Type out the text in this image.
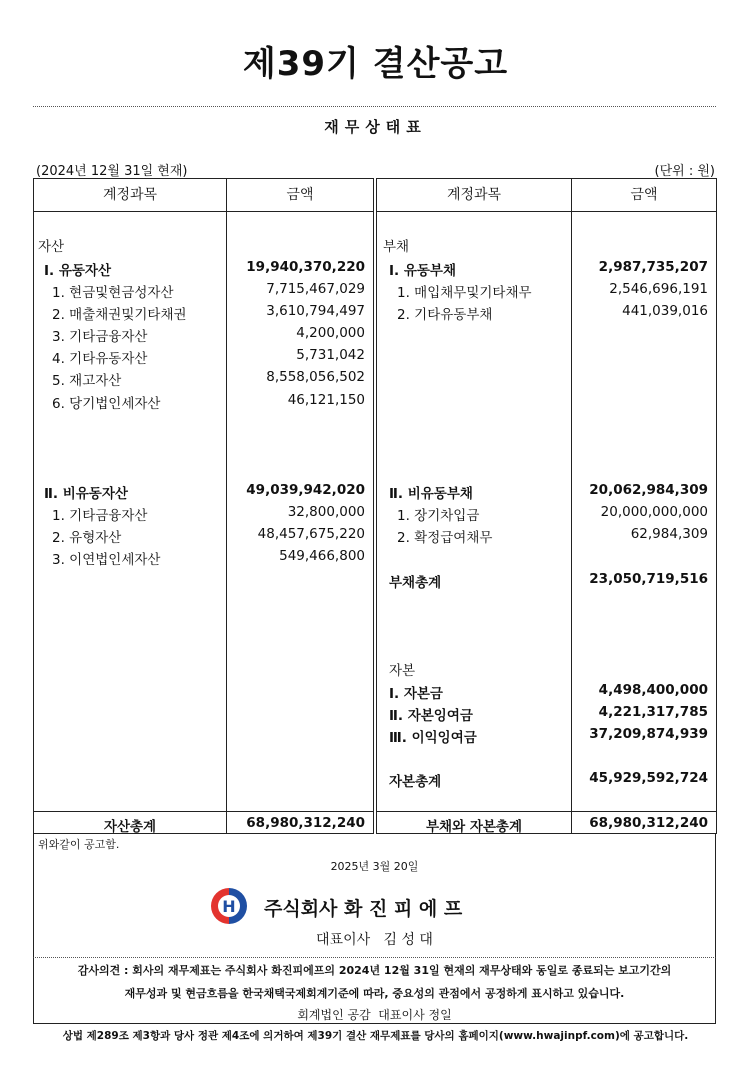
제39기 결산공고
재무상태표
(2024년 12월 31일 현재)	(단위 : 원)
계정과목	금액
자산
Ⅰ. 유동자산	19,940,370,220
1. 현금및현금성자산	7,715,467,029
2. 매출채권및기타채권	3,610,794,497
3. 기타금융자산	4,200,000
4. 기타유동자산	5,731,042
5. 재고자산	8,558,056,502
6. 당기법인세자산	46,121,150
Ⅱ. 비유동자산	49,039,942,020
1. 기타금융자산	32,800,000
2. 유형자산	48,457,675,220
3. 이연법인세자산	549,466,800
자산총계	68,980,312,240
계정과목	금액
부채
Ⅰ. 유동부채	2,987,735,207
1. 매입채무및기타채무	2,546,696,191
2. 기타유동부채	441,039,016
Ⅱ. 비유동부채	20,062,984,309
1. 장기차입금	20,000,000,000
2. 확정급여채무	62,984,309
부채총계	23,050,719,516
자본
Ⅰ. 자본금	4,498,400,000
Ⅱ. 자본잉여금	4,221,317,785
Ⅲ. 이익잉여금	37,209,874,939
자본총계	45,929,592,724
부채와 자본총계	68,980,312,240
위와같이 공고함.
2025년 3월 20일
H 주식회사 화 진 피 에 프
대표이사   김 성 대
감사의견 : 회사의 재무제표는 주식회사 화진피에프의 2024년 12월 31일 현재의 재무상태와 동일로 종료되는 보고기간의
재무성과 및 현금흐름을 한국채택국제회계기준에 따라, 중요성의 관점에서 공정하게 표시하고 있습니다.
회계법인 공감  대표이사 정일
상법 제289조 제3항과 당사 정관 제4조에 의거하여 제39기 결산 재무제표를 당사의 홈페이지(www.hwajinpf.com)에 공고합니다.
